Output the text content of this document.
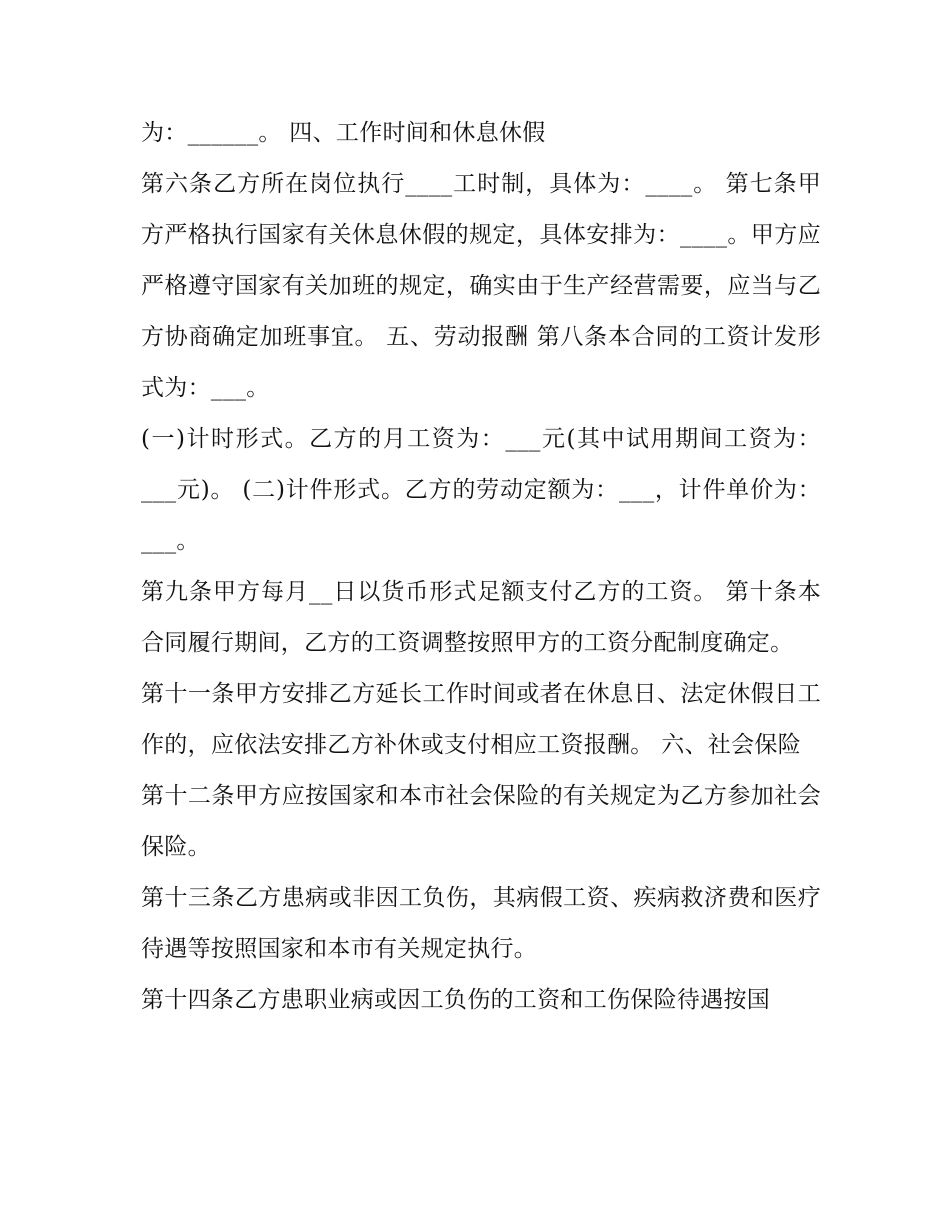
为：______。 四、工作时间和休息休假

第六条乙方所在岗位执行____工时制，具体为：____。 第七条甲方严格执行国家有关休息休假的规定，具体安排为：____。甲方应严格遵守国家有关加班的规定，确实由于生产经营需要，应当与乙方协商确定加班事宜。 五、劳动报酬 第八条本合同的工资计发形式为：___。

(一)计时形式。乙方的月工资为：___元(其中试用期间工资为：___元)。 (二)计件形式。乙方的劳动定额为：___，计件单价为：___。

第九条甲方每月__日以货币形式足额支付乙方的工资。 第十条本合同履行期间，乙方的工资调整按照甲方的工资分配制度确定。

第十一条甲方安排乙方延长工作时间或者在休息日、法定休假日工作的，应依法安排乙方补休或支付相应工资报酬。 六、社会保险

第十二条甲方应按国家和本市社会保险的有关规定为乙方参加社会保险。

第十三条乙方患病或非因工负伤，其病假工资、疾病救济费和医疗待遇等按照国家和本市有关规定执行。

第十四条乙方患职业病或因工负伤的工资和工伤保险待遇按国
